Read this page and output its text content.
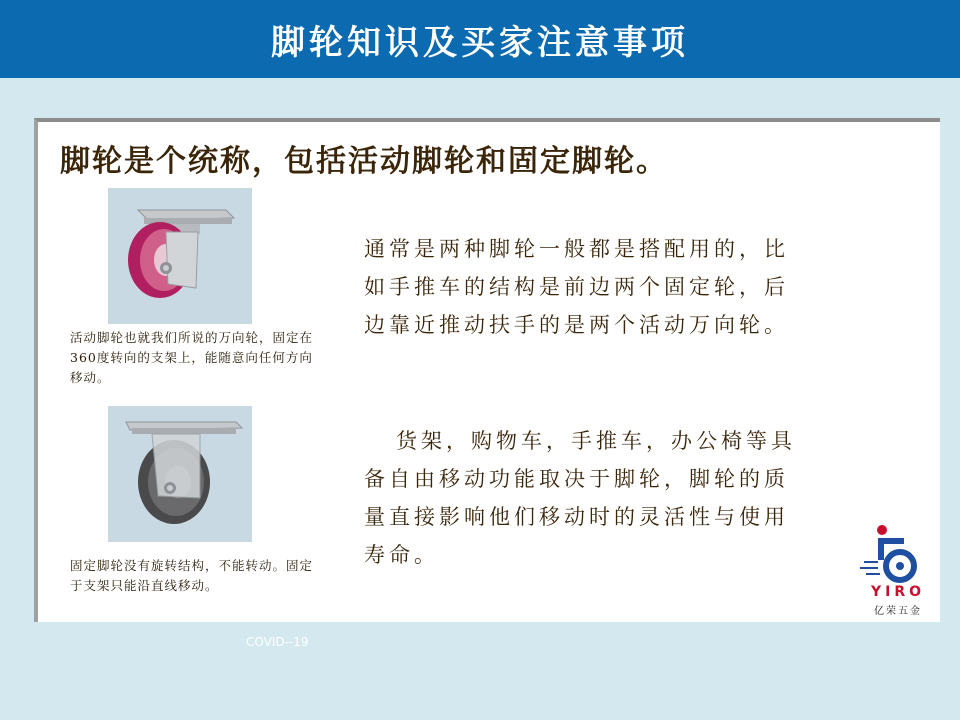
脚轮知识及买家注意事项
脚轮是个统称，包括活动脚轮和固定脚轮。
活动脚轮也就我们所说的万向轮，固定在360度转向的支架上，能随意向任何方向移动。
固定脚轮没有旋转结构，不能转动。固定于支架只能沿直线移动。
通常是两种脚轮一般都是搭配用的，比如手推车的结构是前边两个固定轮，后边靠近推动扶手的是两个活动万向轮。
货架，购物车，手推车，办公椅等具备自由移动功能取决于脚轮，脚轮的质量直接影响他们移动时的灵活性与使用寿命。
YIRO
亿荣五金
COVID--19
